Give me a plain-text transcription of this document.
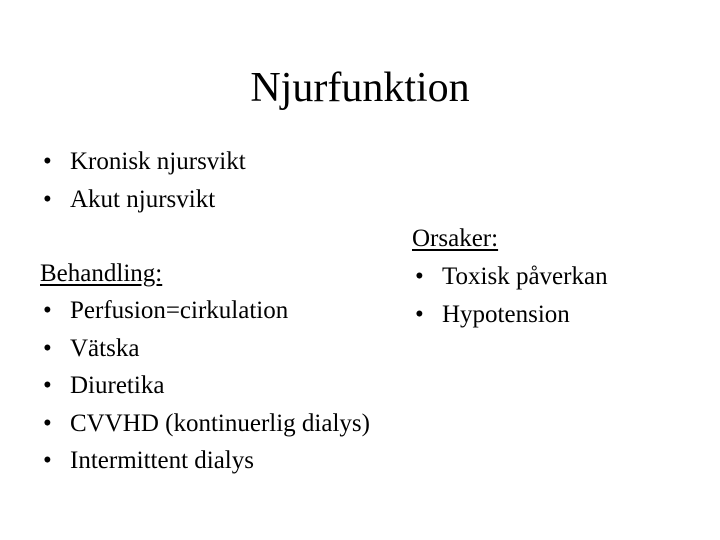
Njurfunktion
• Kronisk njursvikt
• Akut njursvikt
Behandling:
• Perfusion=cirkulation
• Vätska
• Diuretika
• CVVHD (kontinuerlig dialys)
• Intermittent dialys
Orsaker:
• Toxisk påverkan
• Hypotension
